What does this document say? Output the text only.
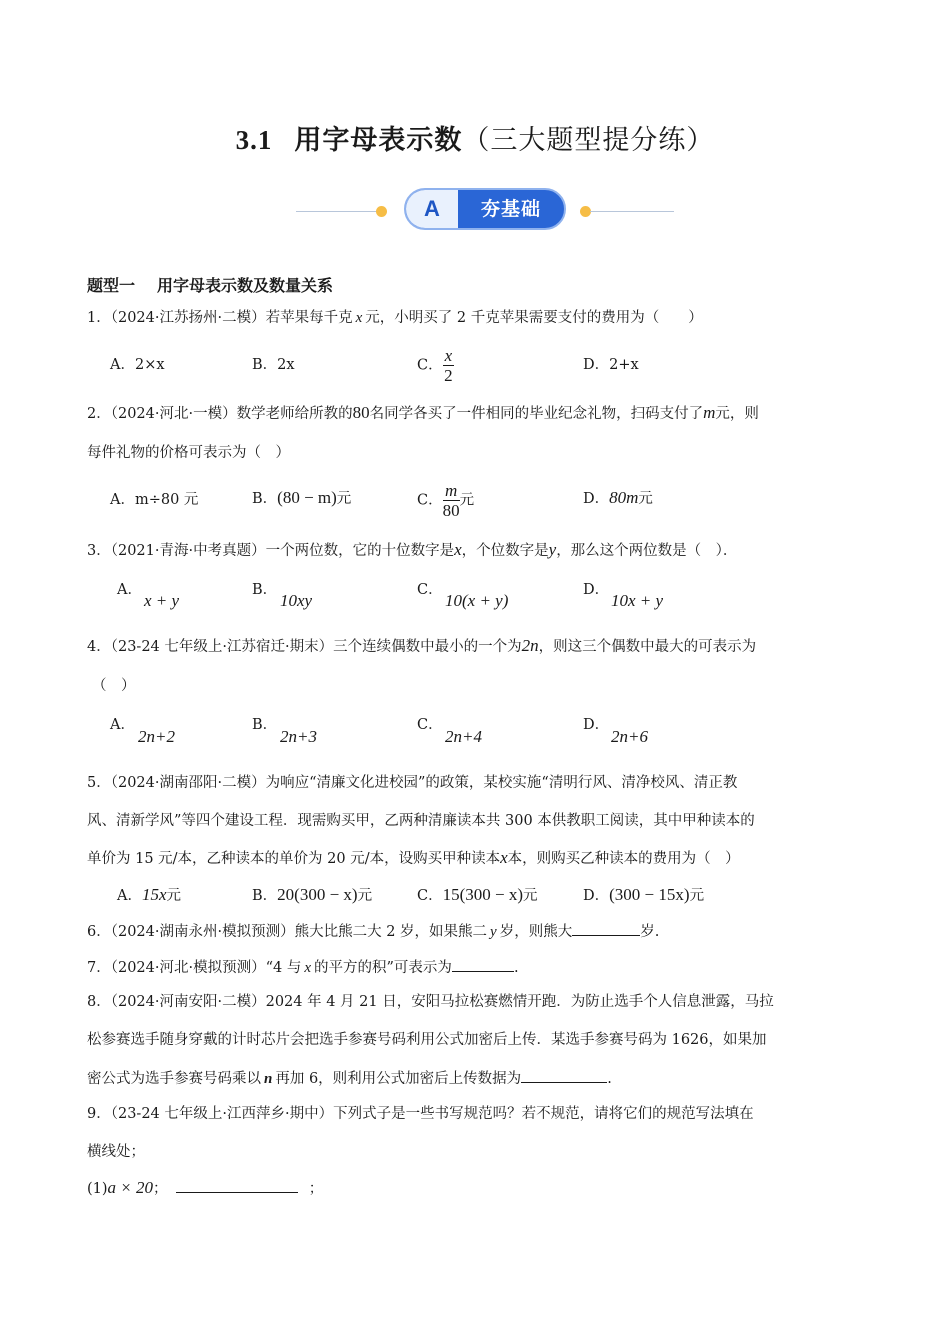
3.1 用字母表示数（三大题型提分练）
A	夯基础
题型一 用字母表示数及数量关系
1．（2024·江苏扬州·二模）若苹果每千克 x 元，小明买了 2 千克苹果需要支付的费用为（　　）
A．2×x	B．2x	C． $\frac{x}{2}$	D．2+x
2．（2024·河北·一模）数学老师给所教的80名同学各买了一件相同的毕业纪念礼物，扫码支付了m元，则
每件礼物的价格可表示为（　）
A．m÷80 元	B．(80 − m)元	C． $\frac{m}{80}$ 元	D．80m元
3．（2021·青海·中考真题）一个两位数，它的十位数字是x，个位数字是y，那么这个两位数是（　）．
A．
x + y
B．
10xy
C．
10(x + y)
D．
10x + y
4．（23-24 七年级上·江苏宿迁·期末）三个连续偶数中最小的一个为2n，则这三个偶数中最大的可表示为
（　）
A．
2n+2
B．
2n+3
C．
2n+4
D．
2n+6
5．（2024·湖南邵阳·二模）为响应“清廉文化进校园”的政策，某校实施“清明行风、清净校风、清正教
风、清新学风”等四个建设工程．现需购买甲，乙两种清廉读本共 300 本供教职工阅读，其中甲种读本的
单价为 15 元/本，乙种读本的单价为 20 元/本，设购买甲种读本x本，则购买乙种读本的费用为（　）
A．15x元	B．20(300 − x)元	C．15(300 − x)元	D．(300 − 15x)元
6．（2024·湖南永州·模拟预测）熊大比熊二大 2 岁，如果熊二 y 岁，则熊大	岁.
7．（2024·河北·模拟预测）“4 与 x 的平方的积”可表示为	.
8．（2024·河南安阳·二模）2024 年 4 月 21 日，安阳马拉松赛燃情开跑．为防止选手个人信息泄露，马拉
松参赛选手随身穿戴的计时芯片会把选手参赛号码利用公式加密后上传．某选手参赛号码为 1626，如果加
密公式为选手参赛号码乘以 n 再加 6，则利用公式加密后上传数据为	.
9．（23-24 七年级上·江西萍乡·期中）下列式子是一些书写规范吗？若不规范，请将它们的规范写法填在
横线处；
(1)a × 20；	；
